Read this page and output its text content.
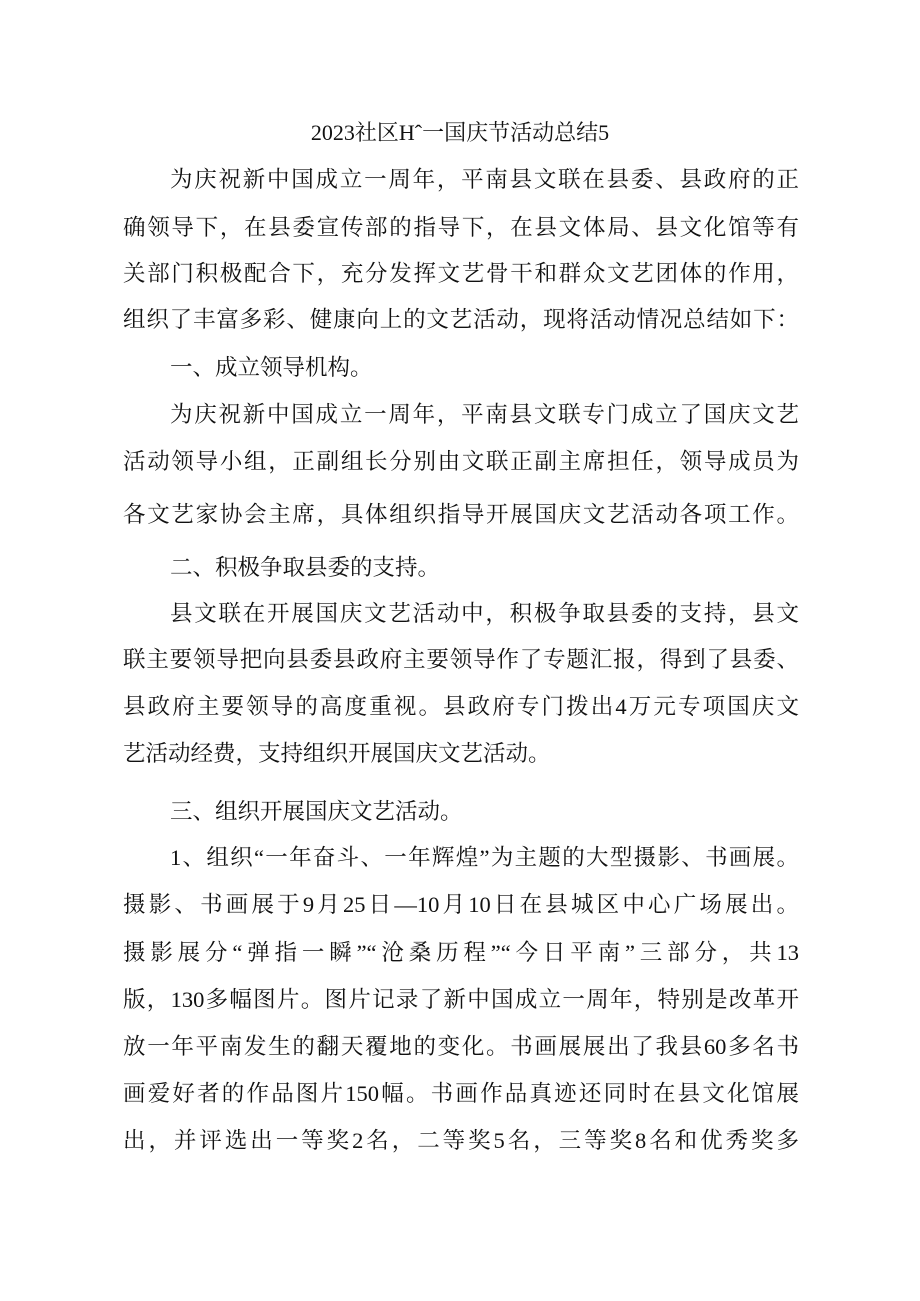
2023社区Hˆ一国庆节活动总结5
为庆祝新中国成立一周年，平南县文联在县委、县政府的正
确领导下，在县委宣传部的指导下，在县文体局、县文化馆等有
关部门积极配合下，充分发挥文艺骨干和群众文艺团体的作用，
组织了丰富多彩、健康向上的文艺活动，现将活动情况总结如下：
一、成立领导机构。
为庆祝新中国成立一周年，平南县文联专门成立了国庆文艺
活动领导小组，正副组长分别由文联正副主席担任，领导成员为
各文艺家协会主席，具体组织指导开展国庆文艺活动各项工作。
二、积极争取县委的支持。
县文联在开展国庆文艺活动中，积极争取县委的支持，县文
联主要领导把向县委县政府主要领导作了专题汇报，得到了县委、
县政府主要领导的高度重视。县政府专门拨出4万元专项国庆文
艺活动经费，支持组织开展国庆文艺活动。
三、组织开展国庆文艺活动。
1、组织“一年奋斗、一年辉煌”为主题的大型摄影、书画展。
摄影、书画展于9月25日—10月10日在县城区中心广场展出。
摄影展分“弹指一瞬”“沧桑历程”“今日平南”三部分，共13
版，130多幅图片。图片记录了新中国成立一周年，特别是改革开
放一年平南发生的翻天覆地的变化。书画展展出了我县60多名书
画爱好者的作品图片150幅。书画作品真迹还同时在县文化馆展
出，并评选出一等奖2名，二等奖5名，三等奖8名和优秀奖多
